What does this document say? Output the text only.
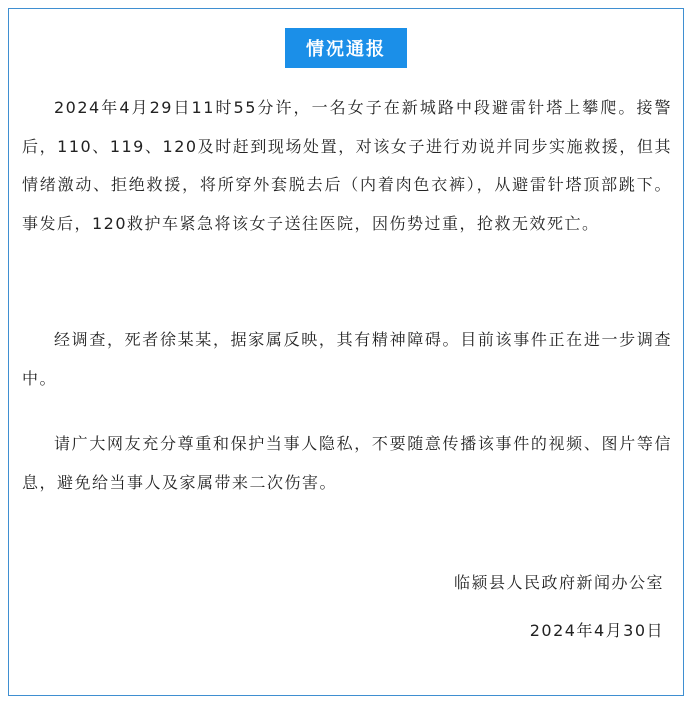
情况通报

2024年4月29日11时55分许，一名女子在新城路中段避雷针塔上攀爬。接警后，110、119、120及时赶到现场处置，对该女子进行劝说并同步实施救援，但其情绪激动、拒绝救援，将所穿外套脱去后（内着肉色衣裤），从避雷针塔顶部跳下。事发后，120救护车紧急将该女子送往医院，因伤势过重，抢救无效死亡。

经调查，死者徐某某，据家属反映，其有精神障碍。目前该事件正在进一步调查中。

请广大网友充分尊重和保护当事人隐私，不要随意传播该事件的视频、图片等信息，避免给当事人及家属带来二次伤害。

临颍县人民政府新闻办公室
2024年4月30日
